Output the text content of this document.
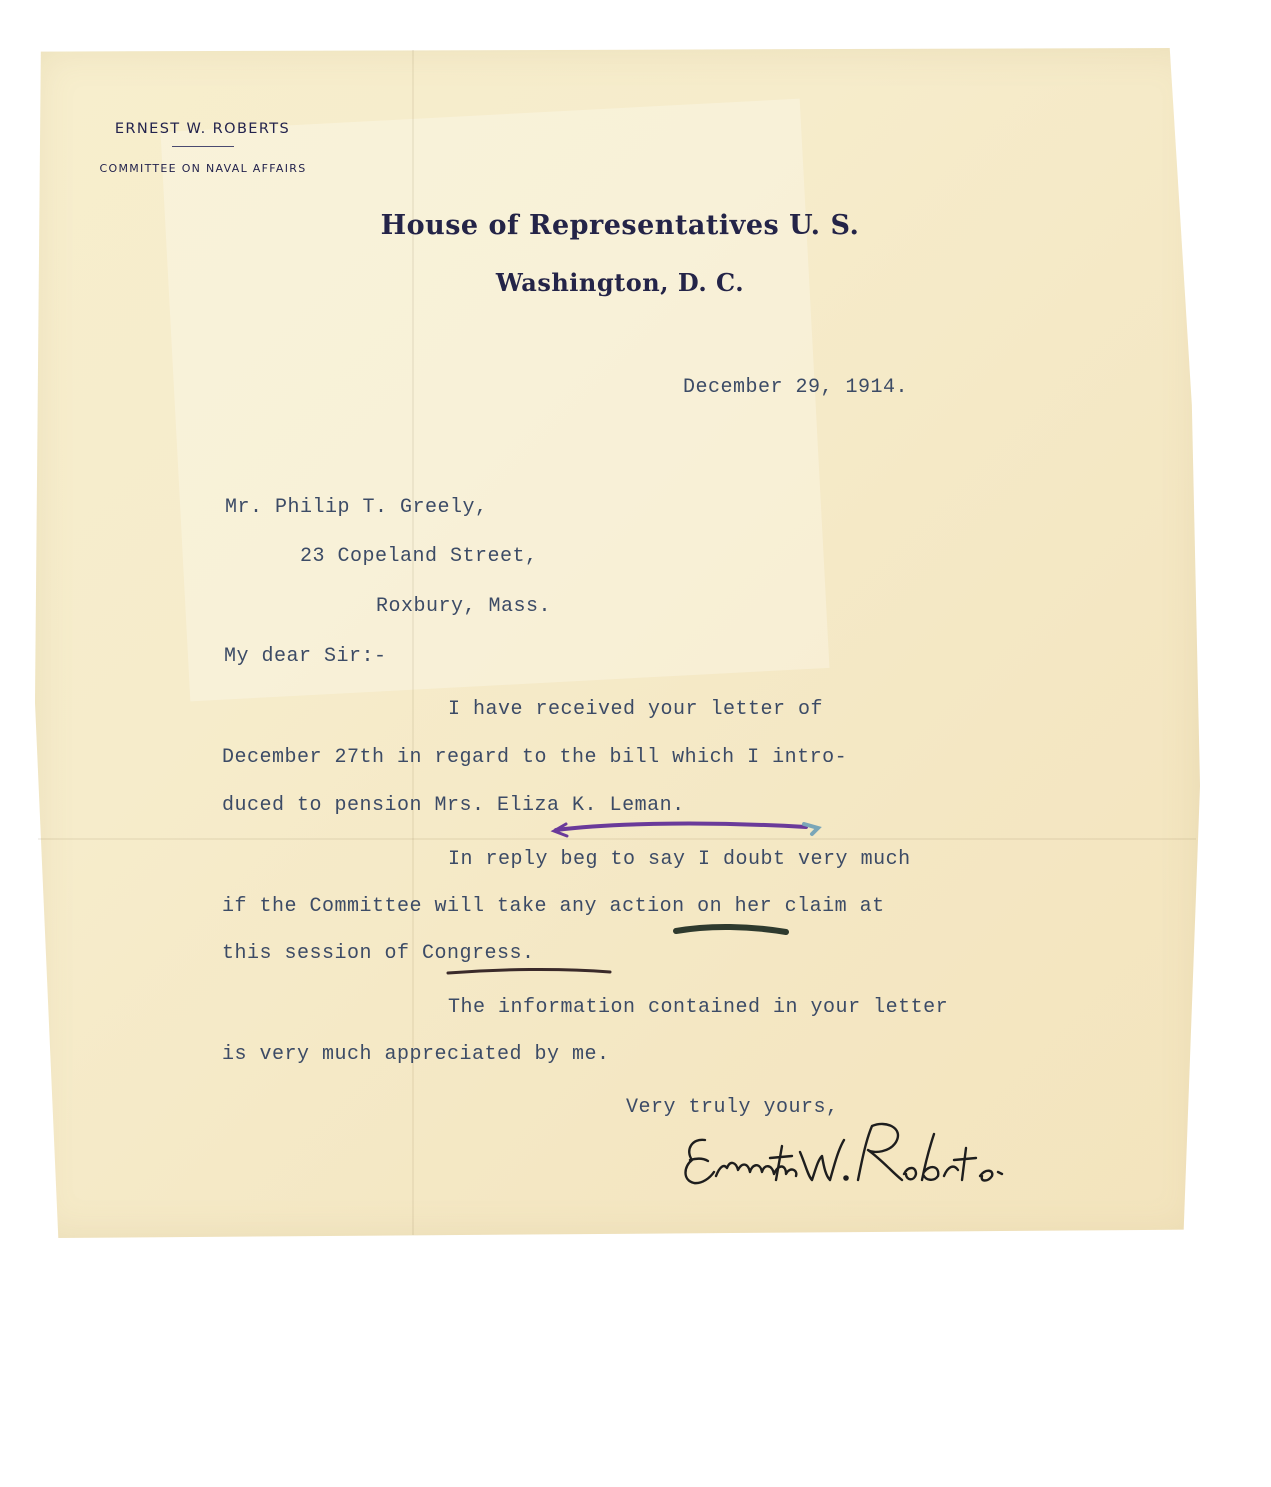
ERNEST W. ROBERTS
COMMITTEE ON NAVAL AFFAIRS
House of Representatives U. S.
Washington, D. C.
December 29, 1914.
Mr. Philip T. Greely,
23 Copeland Street,
Roxbury, Mass.
My dear Sir:-
I have received your letter of
December 27th in regard to the bill which I intro-
duced to pension Mrs. Eliza K. Leman.
In reply beg to say I doubt very much
if the Committee will take any action on her claim at
this session of Congress.
The information contained in your letter
is very much appreciated by me.
Very truly yours,
